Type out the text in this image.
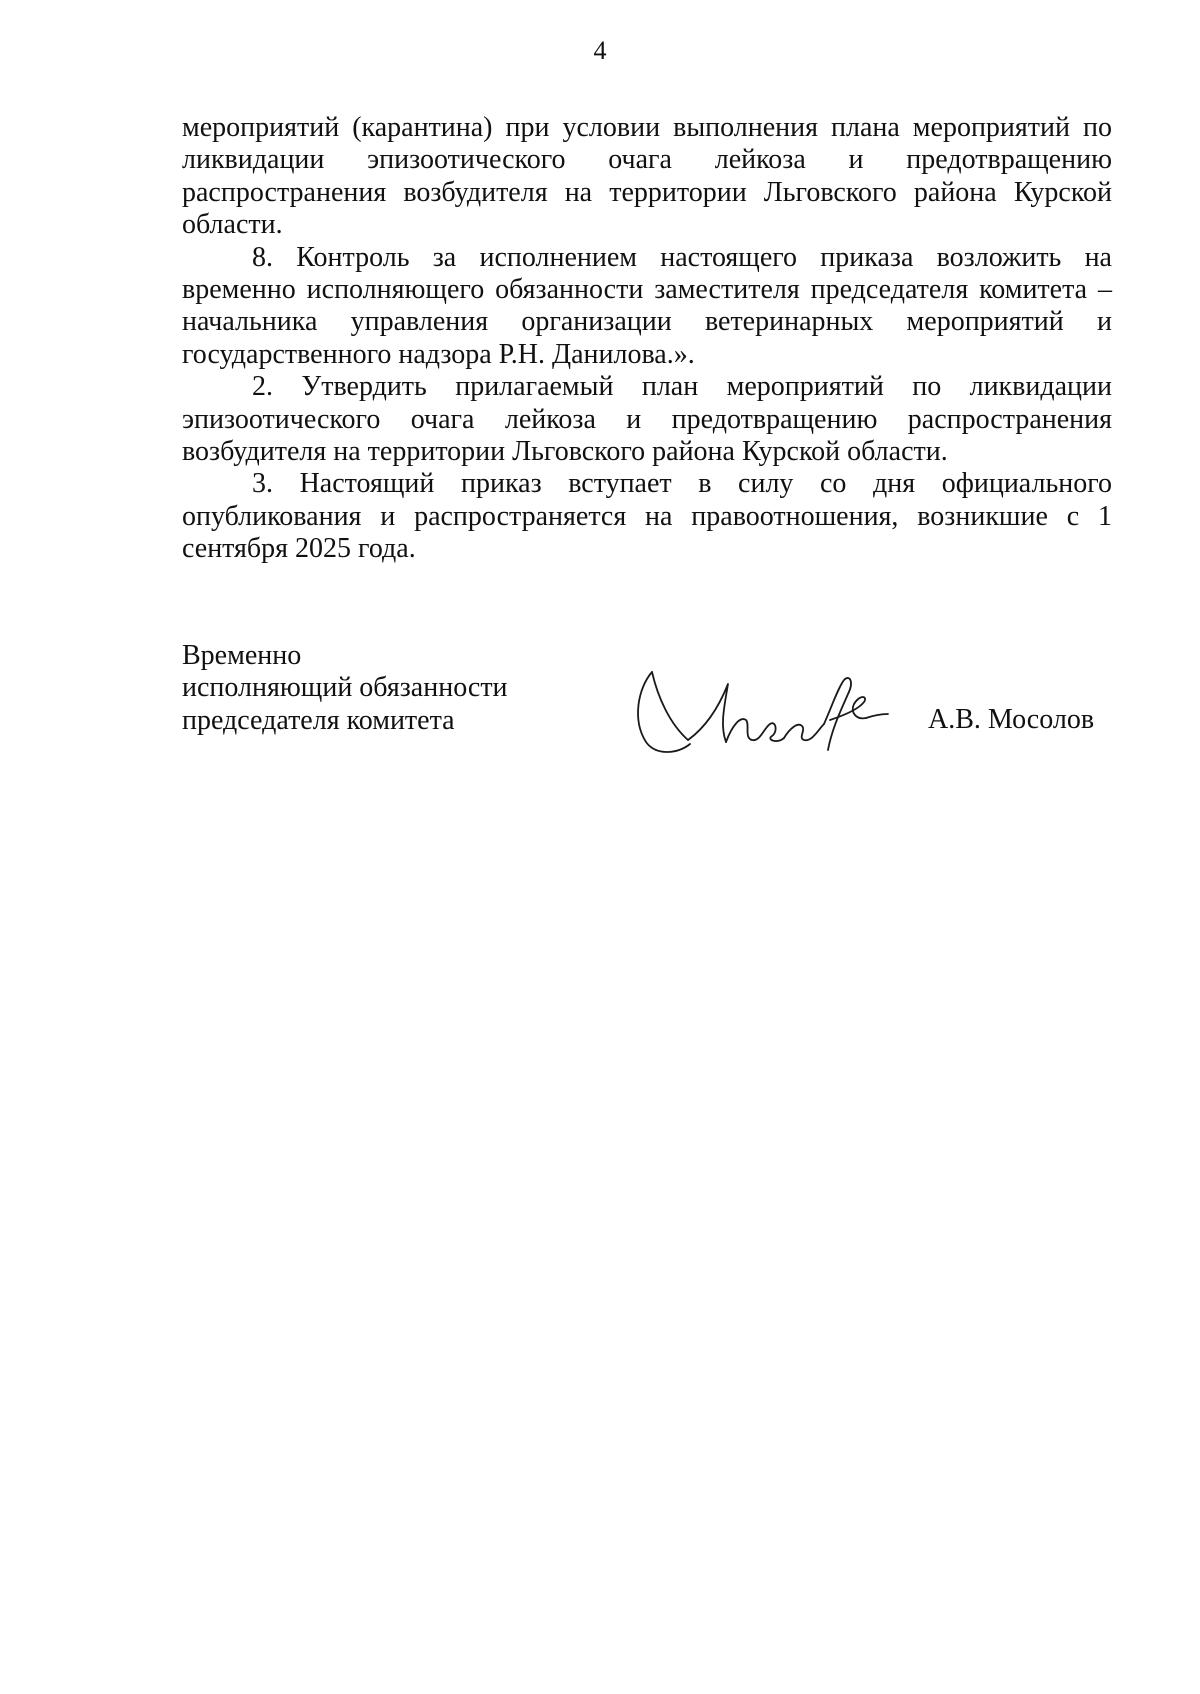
4

мероприятий (карантина) при условии выполнения плана мероприятий по ликвидации эпизоотического очага лейкоза и предотвращению распространения возбудителя на территории Льговского района Курской области.

8. Контроль за исполнением настоящего приказа возложить на временно исполняющего обязанности заместителя председателя комитета – начальника управления организации ветеринарных мероприятий и государственного надзора Р.Н. Данилова.».

2. Утвердить прилагаемый план мероприятий по ликвидации эпизоотического очага лейкоза и предотвращению распространения возбудителя на территории Льговского района Курской области.

3. Настоящий приказ вступает в силу со дня официального опубликования и распространяется на правоотношения, возникшие с 1 сентября 2025 года.

Временно
исполняющий обязанности
председателя комитета	А.В. Мосолов
